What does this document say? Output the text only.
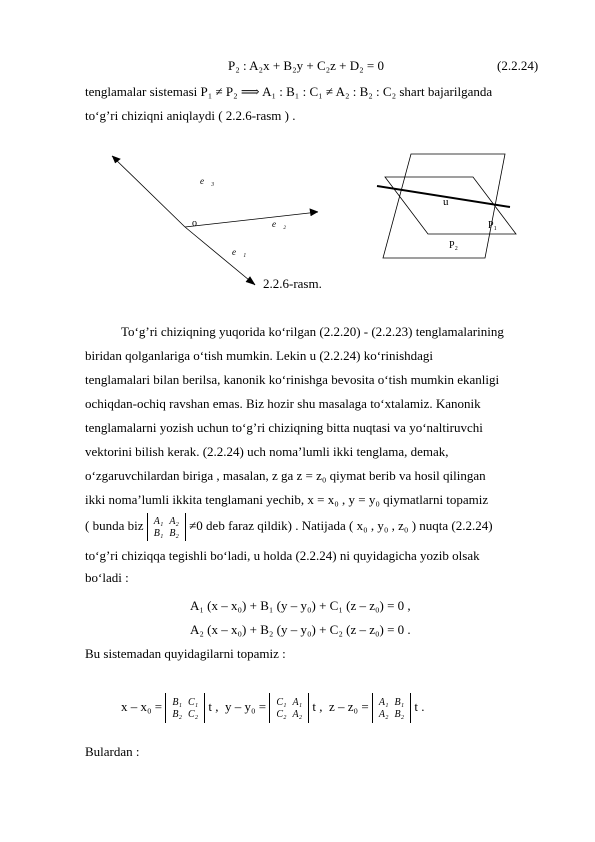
P₂ : A₂x + B₂y + C₂z + D₂ = 0	(2.2.24)
tenglamalar sistemasi P₁ ≠ P₂ ⟹ A₁ : B₁ : C₁ ≠ A₂ : B₂ : C₂ shart bajarilganda
to‘g’ri chiziqni aniqlaydi ( 2.2.6-rasm ) .
e⃗₃
o	e⃗₂
e⃗₁
u
P₁
P₂
2.2.6-rasm.
To‘g’ri chiziqning yuqorida ko‘rilgan (2.2.20) - (2.2.23) tenglamalarining
biridan qolganlariga o‘tish mumkin. Lekin u (2.2.24) ko‘rinishdagi
tenglamalari bilan berilsa, kanonik ko‘rinishga bevosita o‘tish mumkin ekanligi
ochiqdan-ochiq ravshan emas. Biz hozir shu masalaga to‘xtalamiz. Kanonik
tenglamalarni yozish uchun to‘g’ri chiziqning bitta nuqtasi va yo‘naltiruvchi
vektorini bilish kerak. (2.2.24) uch noma’lumli ikki tenglama, demak,
o‘zgaruvchilardan biriga , masalan, z ga z = z₀ qiymat berib va hosil qilingan
ikki noma’lumli ikkita tenglamani yechib, x = x₀ , y = y₀ qiymatlarni topamiz
( bunda biz A₁	A₂
B₁	B₂
≠0 deb faraz qildik) . Natijada ( x₀ , y₀ , z₀ ) nuqta (2.2.24)
to‘g’ri chiziqqa tegishli bo‘ladi, u holda (2.2.24) ni quyidagicha yozib olsak
bo‘ladi :
A₁ (x – x₀) + B₁ (y – y₀) + C₁ (z – z₀) = 0 ,
A₂ (x – x₀) + B₂ (y – y₀) + C₂ (z – z₀) = 0 .
Bu sistemadan quyidagilarni topamiz :
x – x₀ = B₁	C₁
B₂	C₂
t , y – y₀ = C₁	A₁
C₂	A₂
t , z – z₀ = A₁	B₁
A₂	B₂
t .
Bulardan :
